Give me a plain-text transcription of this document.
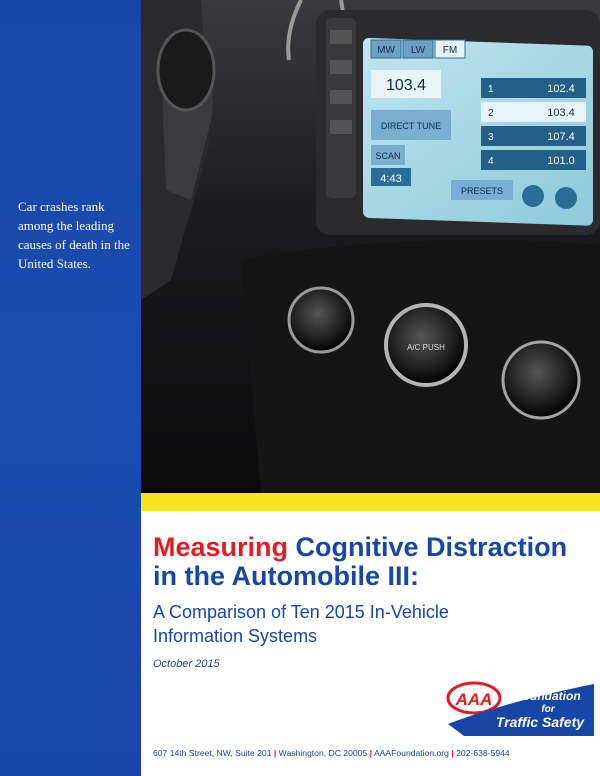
Car crashes rank among the leading causes of death in the United States.

MW LW FM
103.4
DIRECT TUNE
SCAN
4:43
1	102.4
2	103.4
3	107.4
4	101.0
PRESETS
A/C PUSH
Measuring Cognitive Distraction in the Automobile III:

A Comparison of Ten 2015 In-Vehicle Information Systems

October 2015

AAA Foundation
for
Traffic Safety

607 14th Street, NW, Suite 201 | Washington, DC 20005 | AAAFoundation.org | 202-638-5944
